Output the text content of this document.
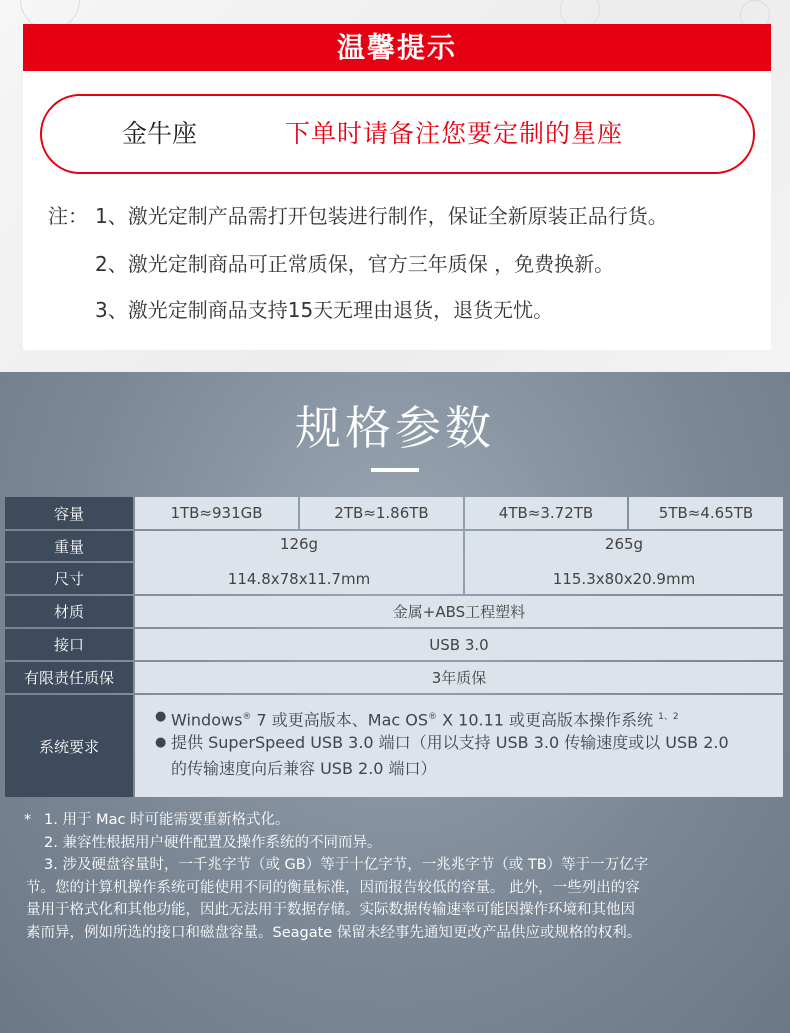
温馨提示
金牛座	下单时请备注您要定制的星座
注： 1、激光定制产品需打开包装进行制作，保证全新原装正品行货。
2、激光定制商品可正常质保，官方三年质保 ，免费换新。
3、激光定制商品支持15天无理由退货，退货无忧。
规格参数
容量	1TB≈931GB	2TB≈1.86TB	4TB≈3.72TB	5TB≈4.65TB
重量	126g	265g
尺寸	114.8x78x11.7mm	115.3x80x20.9mm
材质	金属+ABS工程塑料
接口	USB 3.0
有限责任质保	3年质保
系统要求
● Windows® 7 或更高版本、Mac OS® X 10.11 或更高版本操作系统 $^{1、2}$
● 提供 SuperSpeed USB 3.0 端口（用以支持 USB 3.0 传输速度或以 USB 2.0
的传输速度向后兼容 USB 2.0 端口）
* 1. 用于 Mac 时可能需要重新格式化。

2. 兼容性根据用户硬件配置及操作系统的不同而异。

3. 涉及硬盘容量时，一千兆字节（或 GB）等于十亿字节，一兆兆字节（或 TB）等于一万亿字

节。您的计算机操作系统可能使用不同的衡量标准，因而报告较低的容量。 此外，一些列出的容

量用于格式化和其他功能，因此无法用于数据存储。实际数据传输速率可能因操作环境和其他因

素而异，例如所选的接口和磁盘容量。Seagate 保留未经事先通知更改产品供应或规格的权利。
